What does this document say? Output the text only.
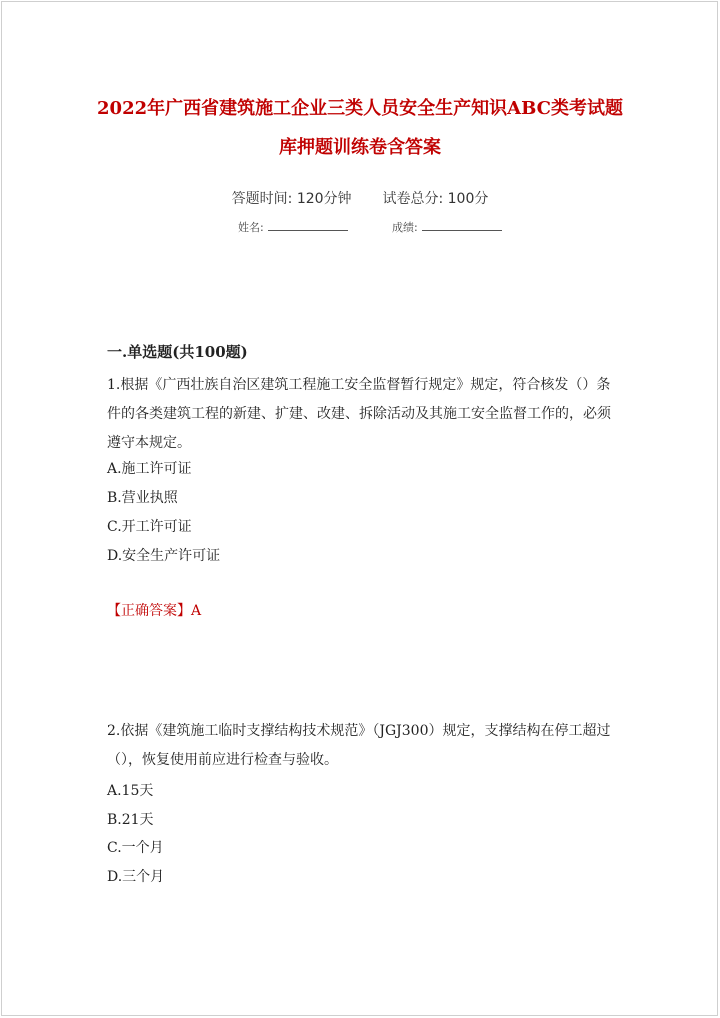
2022年广西省建筑施工企业三类人员安全生产知识ABC类考试题
库押题训练卷含答案
答题时间: 120分钟 试卷总分: 100分
姓名:	成绩:
一.单选题(共100题)
1.根据《广西壮族自治区建筑工程施工安全监督暂行规定》规定，符合核发（）条件的各类建筑工程的新建、扩建、改建、拆除活动及其施工安全监督工作的，必须遵守本规定。
A.施工许可证
B.营业执照
C.开工许可证
D.安全生产许可证
【正确答案】A
2.依据《建筑施工临时支撑结构技术规范》（JGJ300）规定，支撑结构在停工超过（），恢复使用前应进行检查与验收。
A.15天
B.21天
C.一个月
D.三个月
